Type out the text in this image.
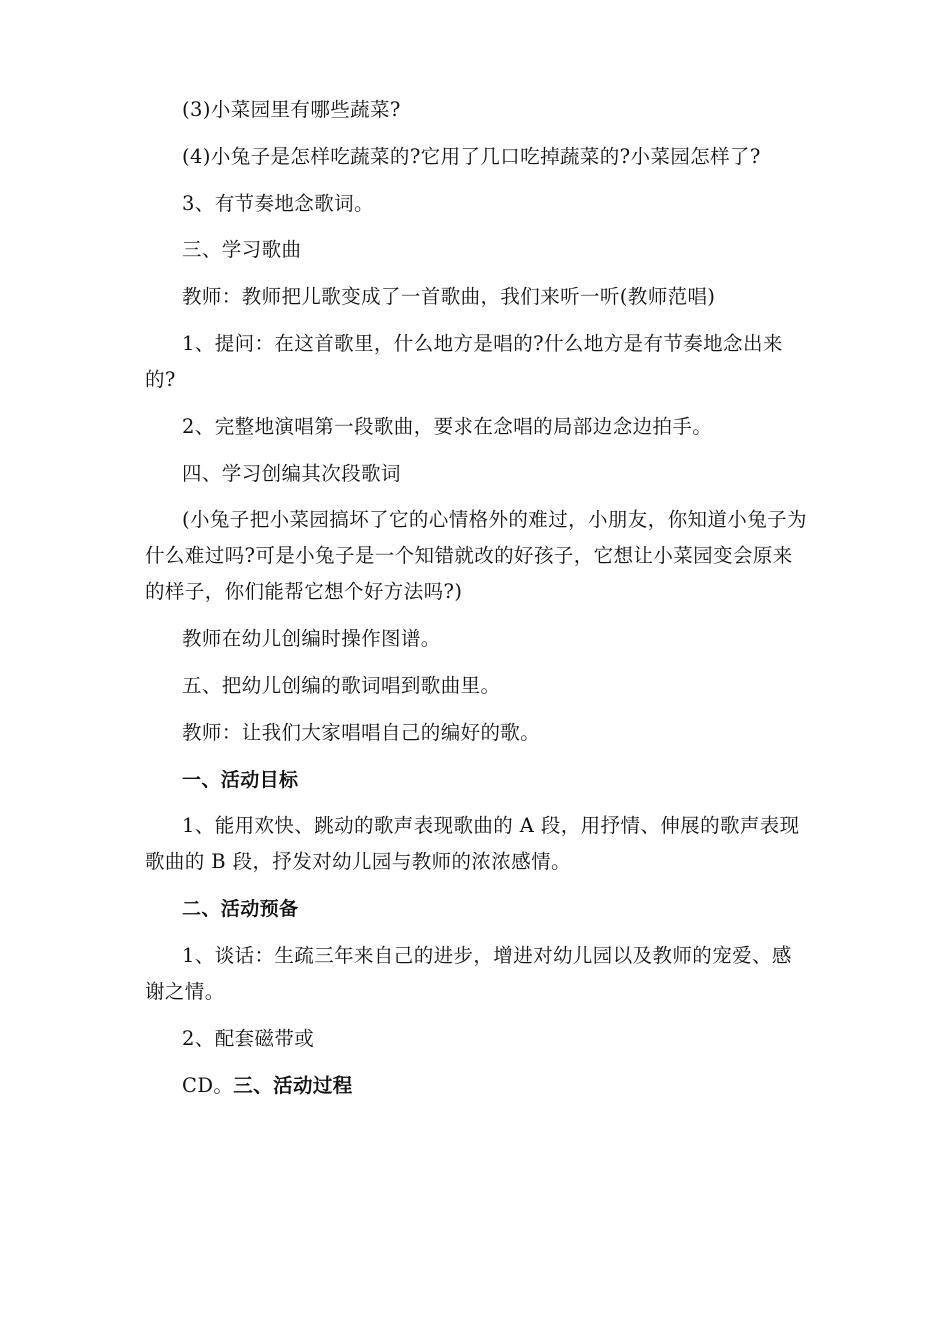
(3)小菜园里有哪些蔬菜?

(4)小兔子是怎样吃蔬菜的?它用了几口吃掉蔬菜的?小菜园怎样了?

3、有节奏地念歌词。

三、学习歌曲

教师：教师把儿歌变成了一首歌曲，我们来听一听(教师范唱)

1、提问：在这首歌里，什么地方是唱的?什么地方是有节奏地念出来的?

2、完整地演唱第一段歌曲，要求在念唱的局部边念边拍手。

四、学习创编其次段歌词

(小兔子把小菜园搞坏了它的心情格外的难过，小朋友，你知道小兔子为什么难过吗?可是小兔子是一个知错就改的好孩子，它想让小菜园变会原来的样子，你们能帮它想个好方法吗?)

教师在幼儿创编时操作图谱。

五、把幼儿创编的歌词唱到歌曲里。

教师：让我们大家唱唱自己的编好的歌。

一、活动目标

1、能用欢快、跳动的歌声表现歌曲的 A 段，用抒情、伸展的歌声表现歌曲的 B 段，抒发对幼儿园与教师的浓浓感情。

二、活动预备

1、谈话：生疏三年来自己的进步，增进对幼儿园以及教师的宠爱、感谢之情。

2、配套磁带或

CD。三、活动过程
